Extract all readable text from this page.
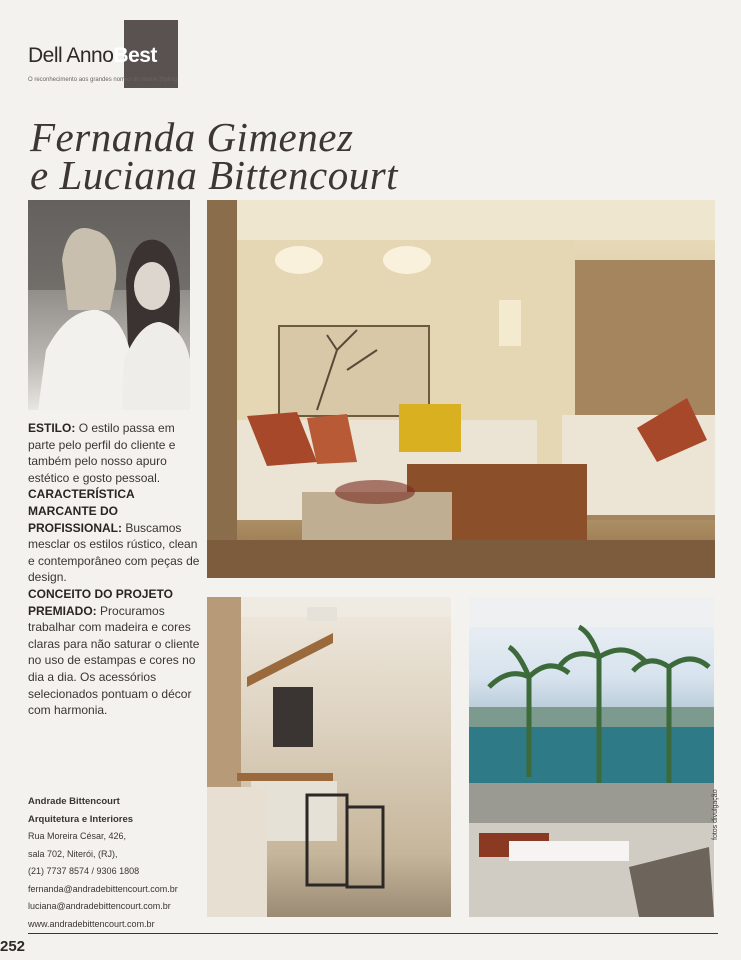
Dell AnnoBest
O reconhecimento aos grandes nomes do Home Styling
Fernanda Gimenez
e Luciana Bittencourt

ESTILO: O estilo passa em parte pelo perfil do cliente e também pelo nosso apuro estético e gosto pessoal.

CARACTERÍSTICA MARCANTE DO PROFISSIONAL: Buscamos mesclar os estilos rústico, clean e contemporâneo com peças de design.

CONCEITO DO PROJETO PREMIADO: Procuramos trabalhar com madeira e cores claras para não saturar o cliente no uso de estampas e cores no dia a dia. Os acessórios selecionados pontuam o décor com harmonia.

Andrade Bittencourt
Arquitetura e Interiores
Rua Moreira César, 426,
sala 702, Niterói, (RJ),
(21) 7737 8574 / 9306 1808
fernanda@andradebittencourt.com.br
luciana@andradebittencourt.com.br
www.andradebittencourt.com.br
fotos divulgação
252
